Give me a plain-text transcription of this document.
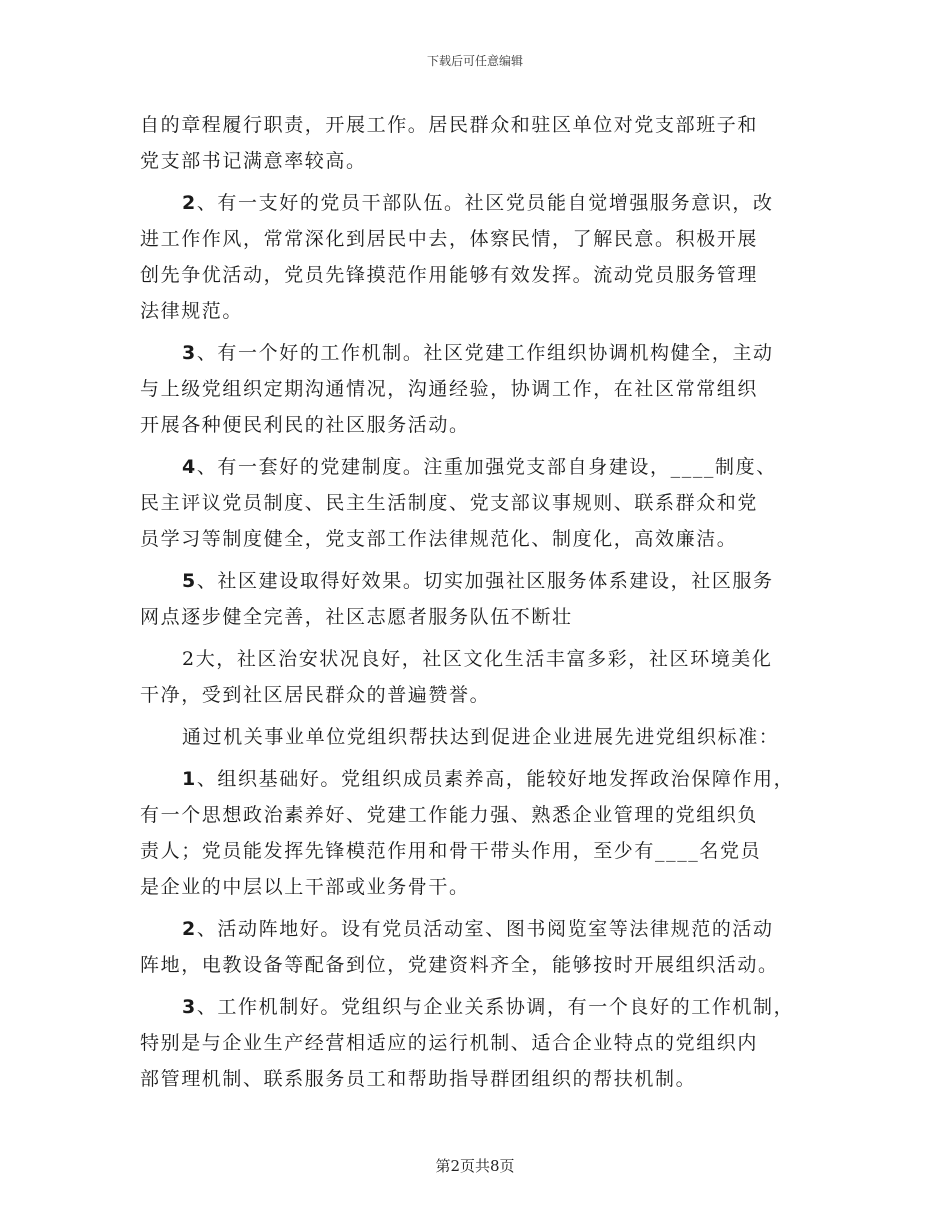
下载后可任意编辑
自的章程履行职责，开展工作。居民群众和驻区单位对党支部班子和
党支部书记满意率较高。
2、有一支好的党员干部队伍。社区党员能自觉增强服务意识，改
进工作作风，常常深化到居民中去，体察民情，了解民意。积极开展
创先争优活动，党员先锋摸范作用能够有效发挥。流动党员服务管理
法律规范。
3、有一个好的工作机制。社区党建工作组织协调机构健全，主动
与上级党组织定期沟通情况，沟通经验，协调工作，在社区常常组织
开展各种便民利民的社区服务活动。
4、有一套好的党建制度。注重加强党支部自身建设，____制度、
民主评议党员制度、民主生活制度、党支部议事规则、联系群众和党
员学习等制度健全，党支部工作法律规范化、制度化，高效廉洁。
5、社区建设取得好效果。切实加强社区服务体系建设，社区服务
网点逐步健全完善，社区志愿者服务队伍不断壮
2大，社区治安状况良好，社区文化生活丰富多彩，社区环境美化
干净，受到社区居民群众的普遍赞誉。
通过机关事业单位党组织帮扶达到促进企业进展先进党组织标准：
1、组织基础好。党组织成员素养高，能较好地发挥政治保障作用，
有一个思想政治素养好、党建工作能力强、熟悉企业管理的党组织负
责人；党员能发挥先锋模范作用和骨干带头作用，至少有____名党员
是企业的中层以上干部或业务骨干。
2、活动阵地好。设有党员活动室、图书阅览室等法律规范的活动
阵地，电教设备等配备到位，党建资料齐全，能够按时开展组织活动。
3、工作机制好。党组织与企业关系协调，有一个良好的工作机制，
特别是与企业生产经营相适应的运行机制、适合企业特点的党组织内
部管理机制、联系服务员工和帮助指导群团组织的帮扶机制。
第2页共8页
